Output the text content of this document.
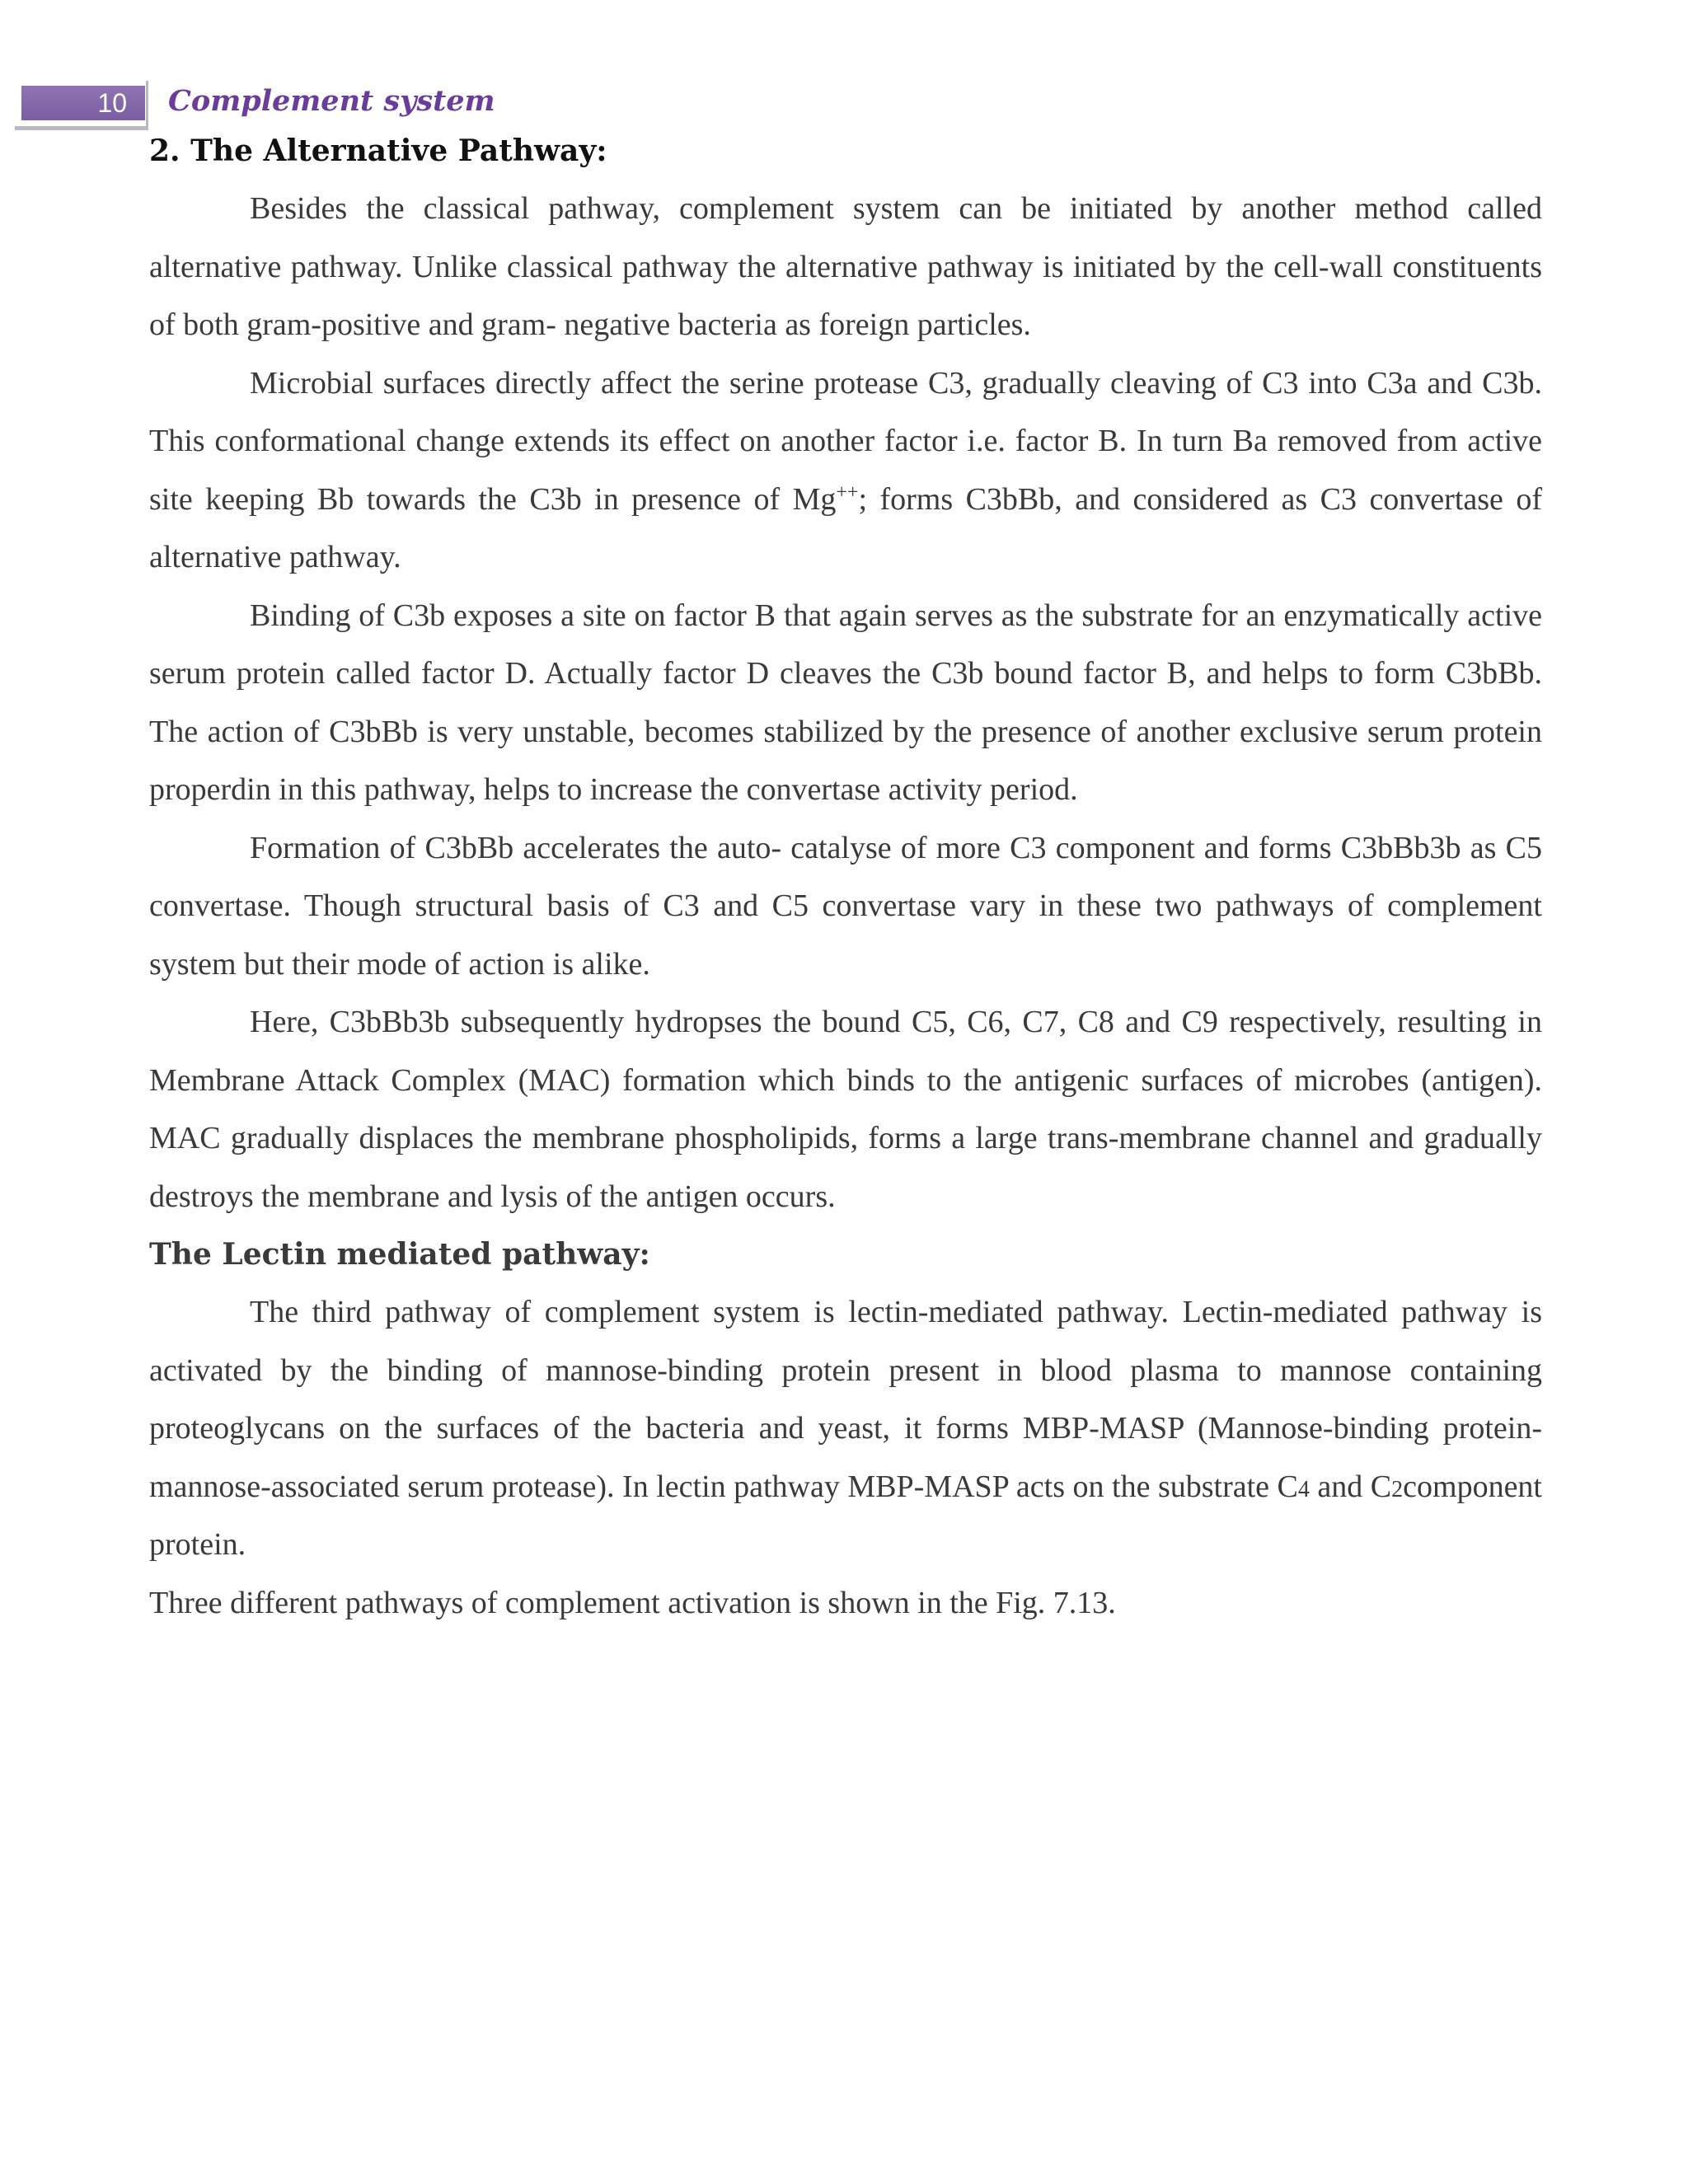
10	Complement system
2. The Alternative Pathway:

Besides the classical pathway, complement system can be initiated by another method called alternative pathway. Unlike classical pathway the alternative pathway is initiated by the cell-wall constituents of both gram-positive and gram- negative bacteria as foreign particles.

Microbial surfaces directly affect the serine protease C3, gradually cleaving of C3 into C3a and C3b. This conformational change extends its effect on another factor i.e. factor B. In turn Ba removed from active site keeping Bb towards the C3b in presence of Mg++; forms C3bBb, and considered as C3 convertase of alternative pathway.

Binding of C3b exposes a site on factor B that again serves as the substrate for an enzymatically active serum protein called factor D. Actually factor D cleaves the C3b bound factor B, and helps to form C3bBb. The action of C3bBb is very unstable, becomes stabilized by the presence of another exclusive serum protein properdin in this pathway, helps to increase the convertase activity period.

Formation of C3bBb accelerates the auto- catalyse of more C3 component and forms C3bBb3b as C5 convertase. Though structural basis of C3 and C5 convertase vary in these two pathways of complement system but their mode of action is alike.

Here, C3bBb3b subsequently hydropses the bound C5, C6, C7, C8 and C9 respectively, resulting in Membrane Attack Complex (MAC) formation which binds to the antigenic surfaces of microbes (antigen). MAC gradually displaces the membrane phospholipids, forms a large trans-membrane channel and gradually destroys the membrane and lysis of the antigen occurs.

The Lectin mediated pathway:

The third pathway of complement system is lectin-mediated pathway. Lectin-mediated pathway is activated by the binding of mannose-binding protein present in blood plasma to mannose containing proteoglycans on the surfaces of the bacteria and yeast, it forms MBP-MASP (Mannose-binding protein-mannose-associated serum protease). In lectin pathway MBP-MASP acts on the substrate C4 and C2component protein.

Three different pathways of complement activation is shown in the Fig. 7.13.
